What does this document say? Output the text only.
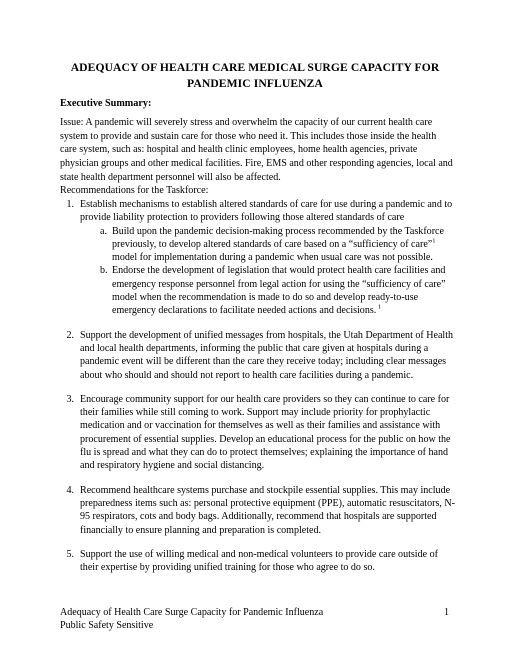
ADEQUACY OF HEALTH CARE MEDICAL SURGE CAPACITY FOR PANDEMIC INFLUENZA
Executive Summary:
Issue: A pandemic will severely stress and overwhelm the capacity of our current health care system to provide and sustain care for those who need it. This includes those inside the health care system, such as: hospital and health clinic employees, home health agencies, private physician groups and other medical facilities. Fire, EMS and other responding agencies, local and state health department personnel will also be affected.
Recommendations for the Taskforce:
1. Establish mechanisms to establish altered standards of care for use during a pandemic and to provide liability protection to providers following those altered standards of care
a. Build upon the pandemic decision-making process recommended by the Taskforce previously, to develop altered standards of care based on a “sufficiency of care”$^1$ model for implementation during a pandemic when usual care was not possible.
b. Endorse the development of legislation that would protect health care facilities and emergency response personnel from legal action for using the “sufficiency of care” model when the recommendation is made to do so and develop ready-to-use emergency declarations to facilitate needed actions and decisions. $^1$
2. Support the development of unified messages from hospitals, the Utah Department of Health and local health departments, informing the public that care given at hospitals during a pandemic event will be different than the care they receive today; including clear messages about who should and should not report to health care facilities during a pandemic.
3. Encourage community support for our health care providers so they can continue to care for their families while still coming to work. Support may include priority for prophylactic medication and or vaccination for themselves as well as their families and assistance with procurement of essential supplies. Develop an educational process for the public on how the flu is spread and what they can do to protect themselves; explaining the importance of hand and respiratory hygiene and social distancing.
4. Recommend healthcare systems purchase and stockpile essential supplies. This may include preparedness items such as: personal protective equipment (PPE), automatic resuscitators, N-95 respirators, cots and body bags. Additionally, recommend that hospitals are supported financially to ensure planning and preparation is completed.
5. Support the use of willing medical and non-medical volunteers to provide care outside of their expertise by providing unified training for those who agree to do so.
Adequacy of Health Care Surge Capacity for Pandemic Influenza
Public Safety Sensitive
1
